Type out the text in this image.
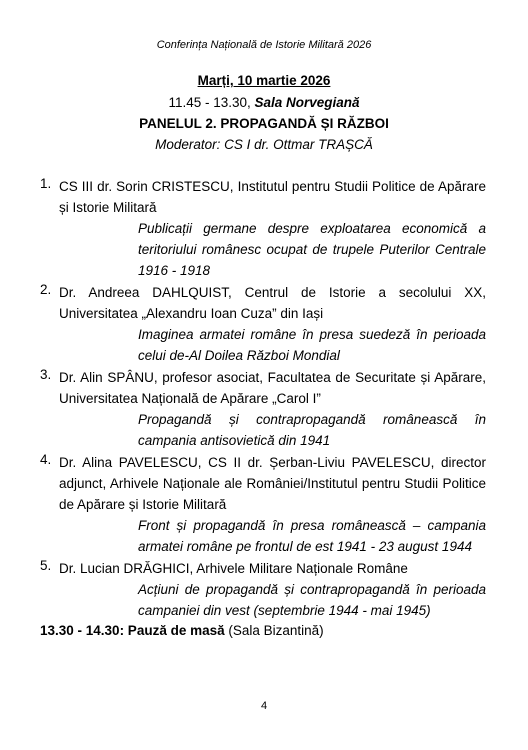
Conferința Națională de Istorie Militară 2026
Marți, 10 martie 2026
11.45 - 13.30, Sala Norvegiană
PANELUL 2. PROPAGANDĂ ȘI RĂZBOI
Moderator: CS I dr. Ottmar TRAȘCĂ
1. CS III dr. Sorin CRISTESCU, Institutul pentru Studii Politice de Apărare și Istorie Militară
Publicații germane despre exploatarea economică a teritoriului românesc ocupat de trupele Puterilor Centrale 1916 - 1918
2. Dr. Andreea DAHLQUIST, Centrul de Istorie a secolului XX, Universitatea „Alexandru Ioan Cuza” din Iași
Imaginea armatei române în presa suedeză în perioada celui de-Al Doilea Război Mondial
3. Dr. Alin SPÂNU, profesor asociat, Facultatea de Securitate și Apărare, Universitatea Națională de Apărare „Carol I”
Propagandă și contrapropagandă românească în campania antisovietică din 1941
4. Dr. Alina PAVELESCU, CS II dr. Șerban-Liviu PAVELESCU, director adjunct, Arhivele Naționale ale României/Institutul pentru Studii Politice de Apărare și Istorie Militară
Front și propagandă în presa românească – campania armatei române pe frontul de est 1941 - 23 august 1944
5. Dr. Lucian DRĂGHICI, Arhivele Militare Naționale Române
Acțiuni de propagandă și contrapropagandă în perioada campaniei din vest (septembrie 1944 - mai 1945)
13.30 - 14.30: Pauză de masă (Sala Bizantină)
4
